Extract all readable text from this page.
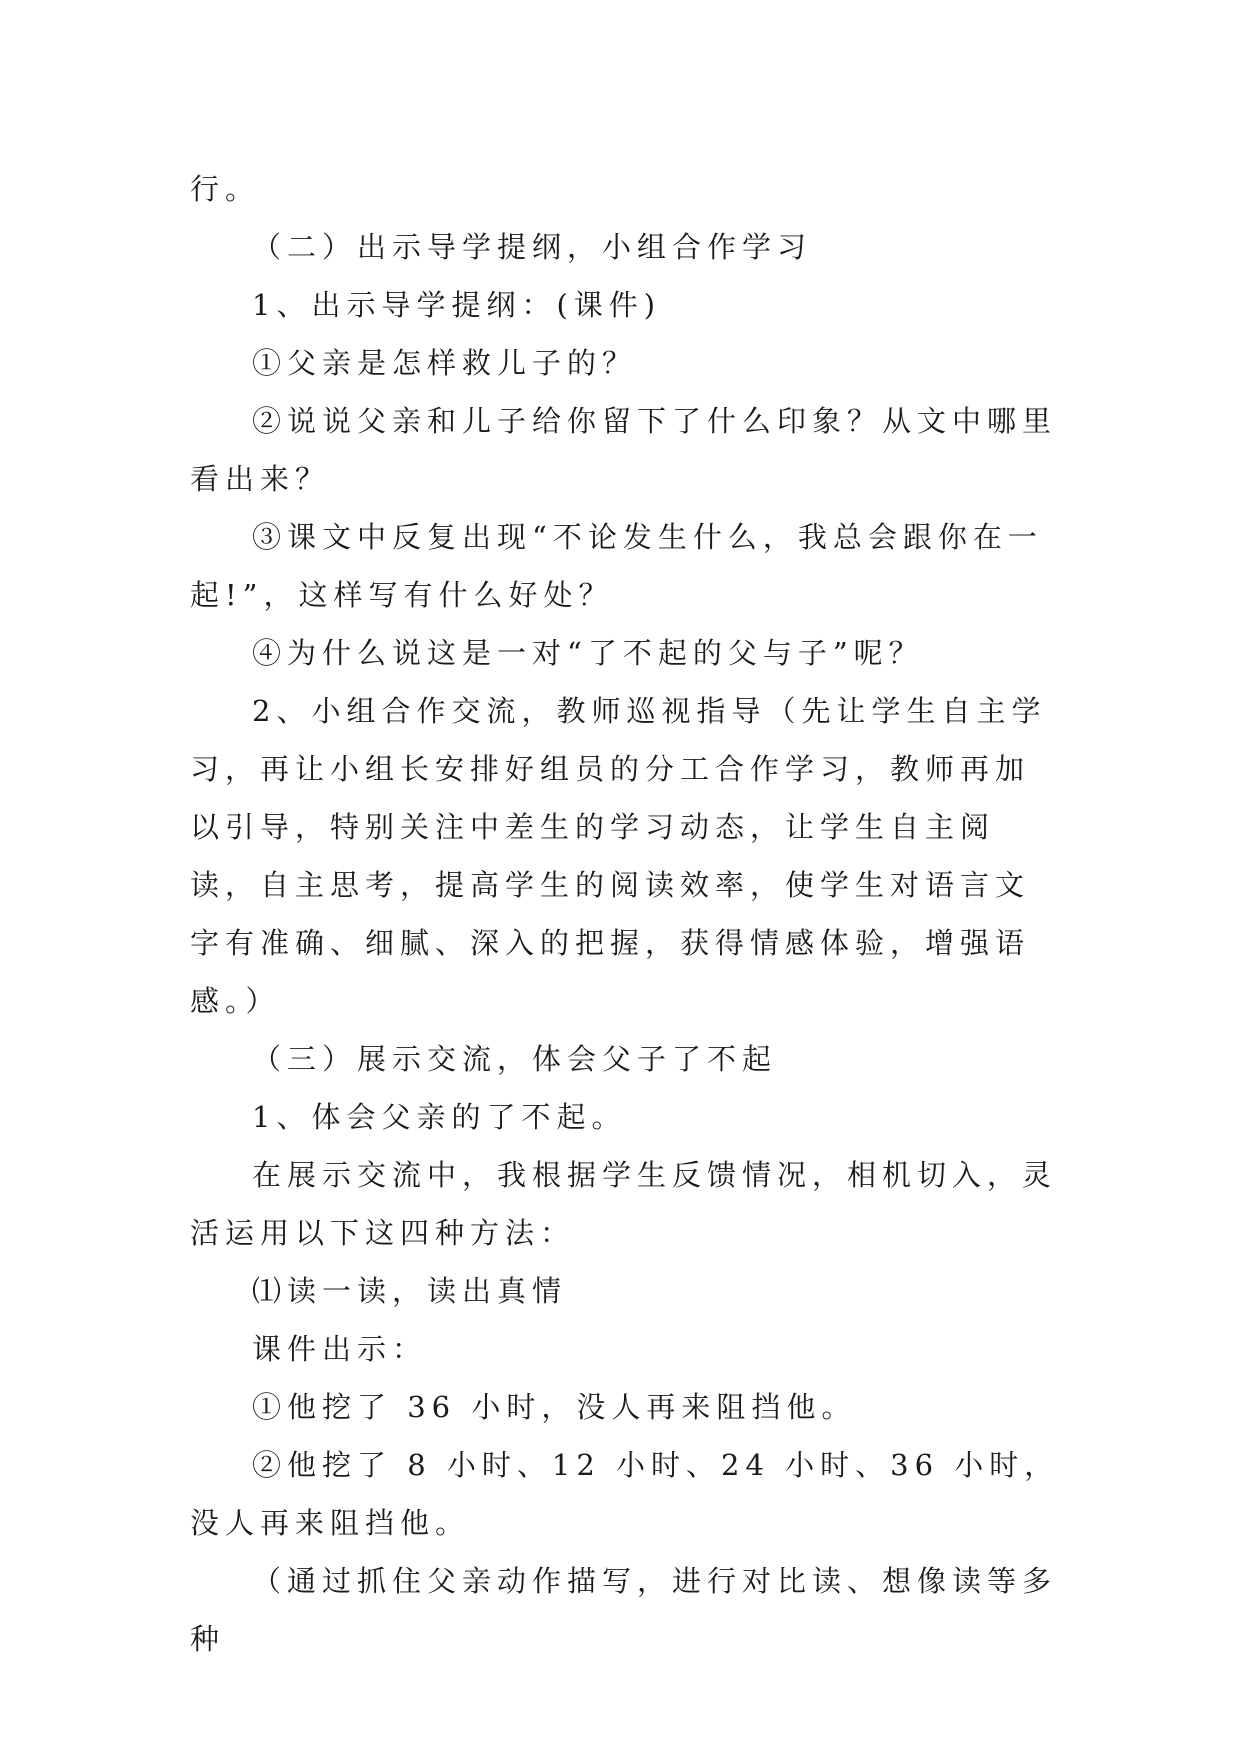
行。

（二）出示导学提纲，小组合作学习

1、出示导学提纲：(课件)

①父亲是怎样救儿子的？

②说说父亲和儿子给你留下了什么印象？从文中哪里看出来？

③课文中反复出现“不论发生什么，我总会跟你在一起!”，这样写有什么好处？

④为什么说这是一对“了不起的父与子”呢？

2、小组合作交流，教师巡视指导（先让学生自主学习，再让小组长安排好组员的分工合作学习，教师再加以引导，特别关注中差生的学习动态，让学生自主阅读，自主思考，提高学生的阅读效率，使学生对语言文字有准确、细腻、深入的把握，获得情感体验，增强语感。）

（三）展示交流，体会父子了不起

1、体会父亲的了不起。

在展示交流中，我根据学生反馈情况，相机切入，灵活运用以下这四种方法：

⑴读一读，读出真情

课件出示：

①他挖了 36 小时，没人再来阻挡他。

②他挖了 8 小时、12 小时、24 小时、36 小时，没人再来阻挡他。

（通过抓住父亲动作描写，进行对比读、想像读等多种
